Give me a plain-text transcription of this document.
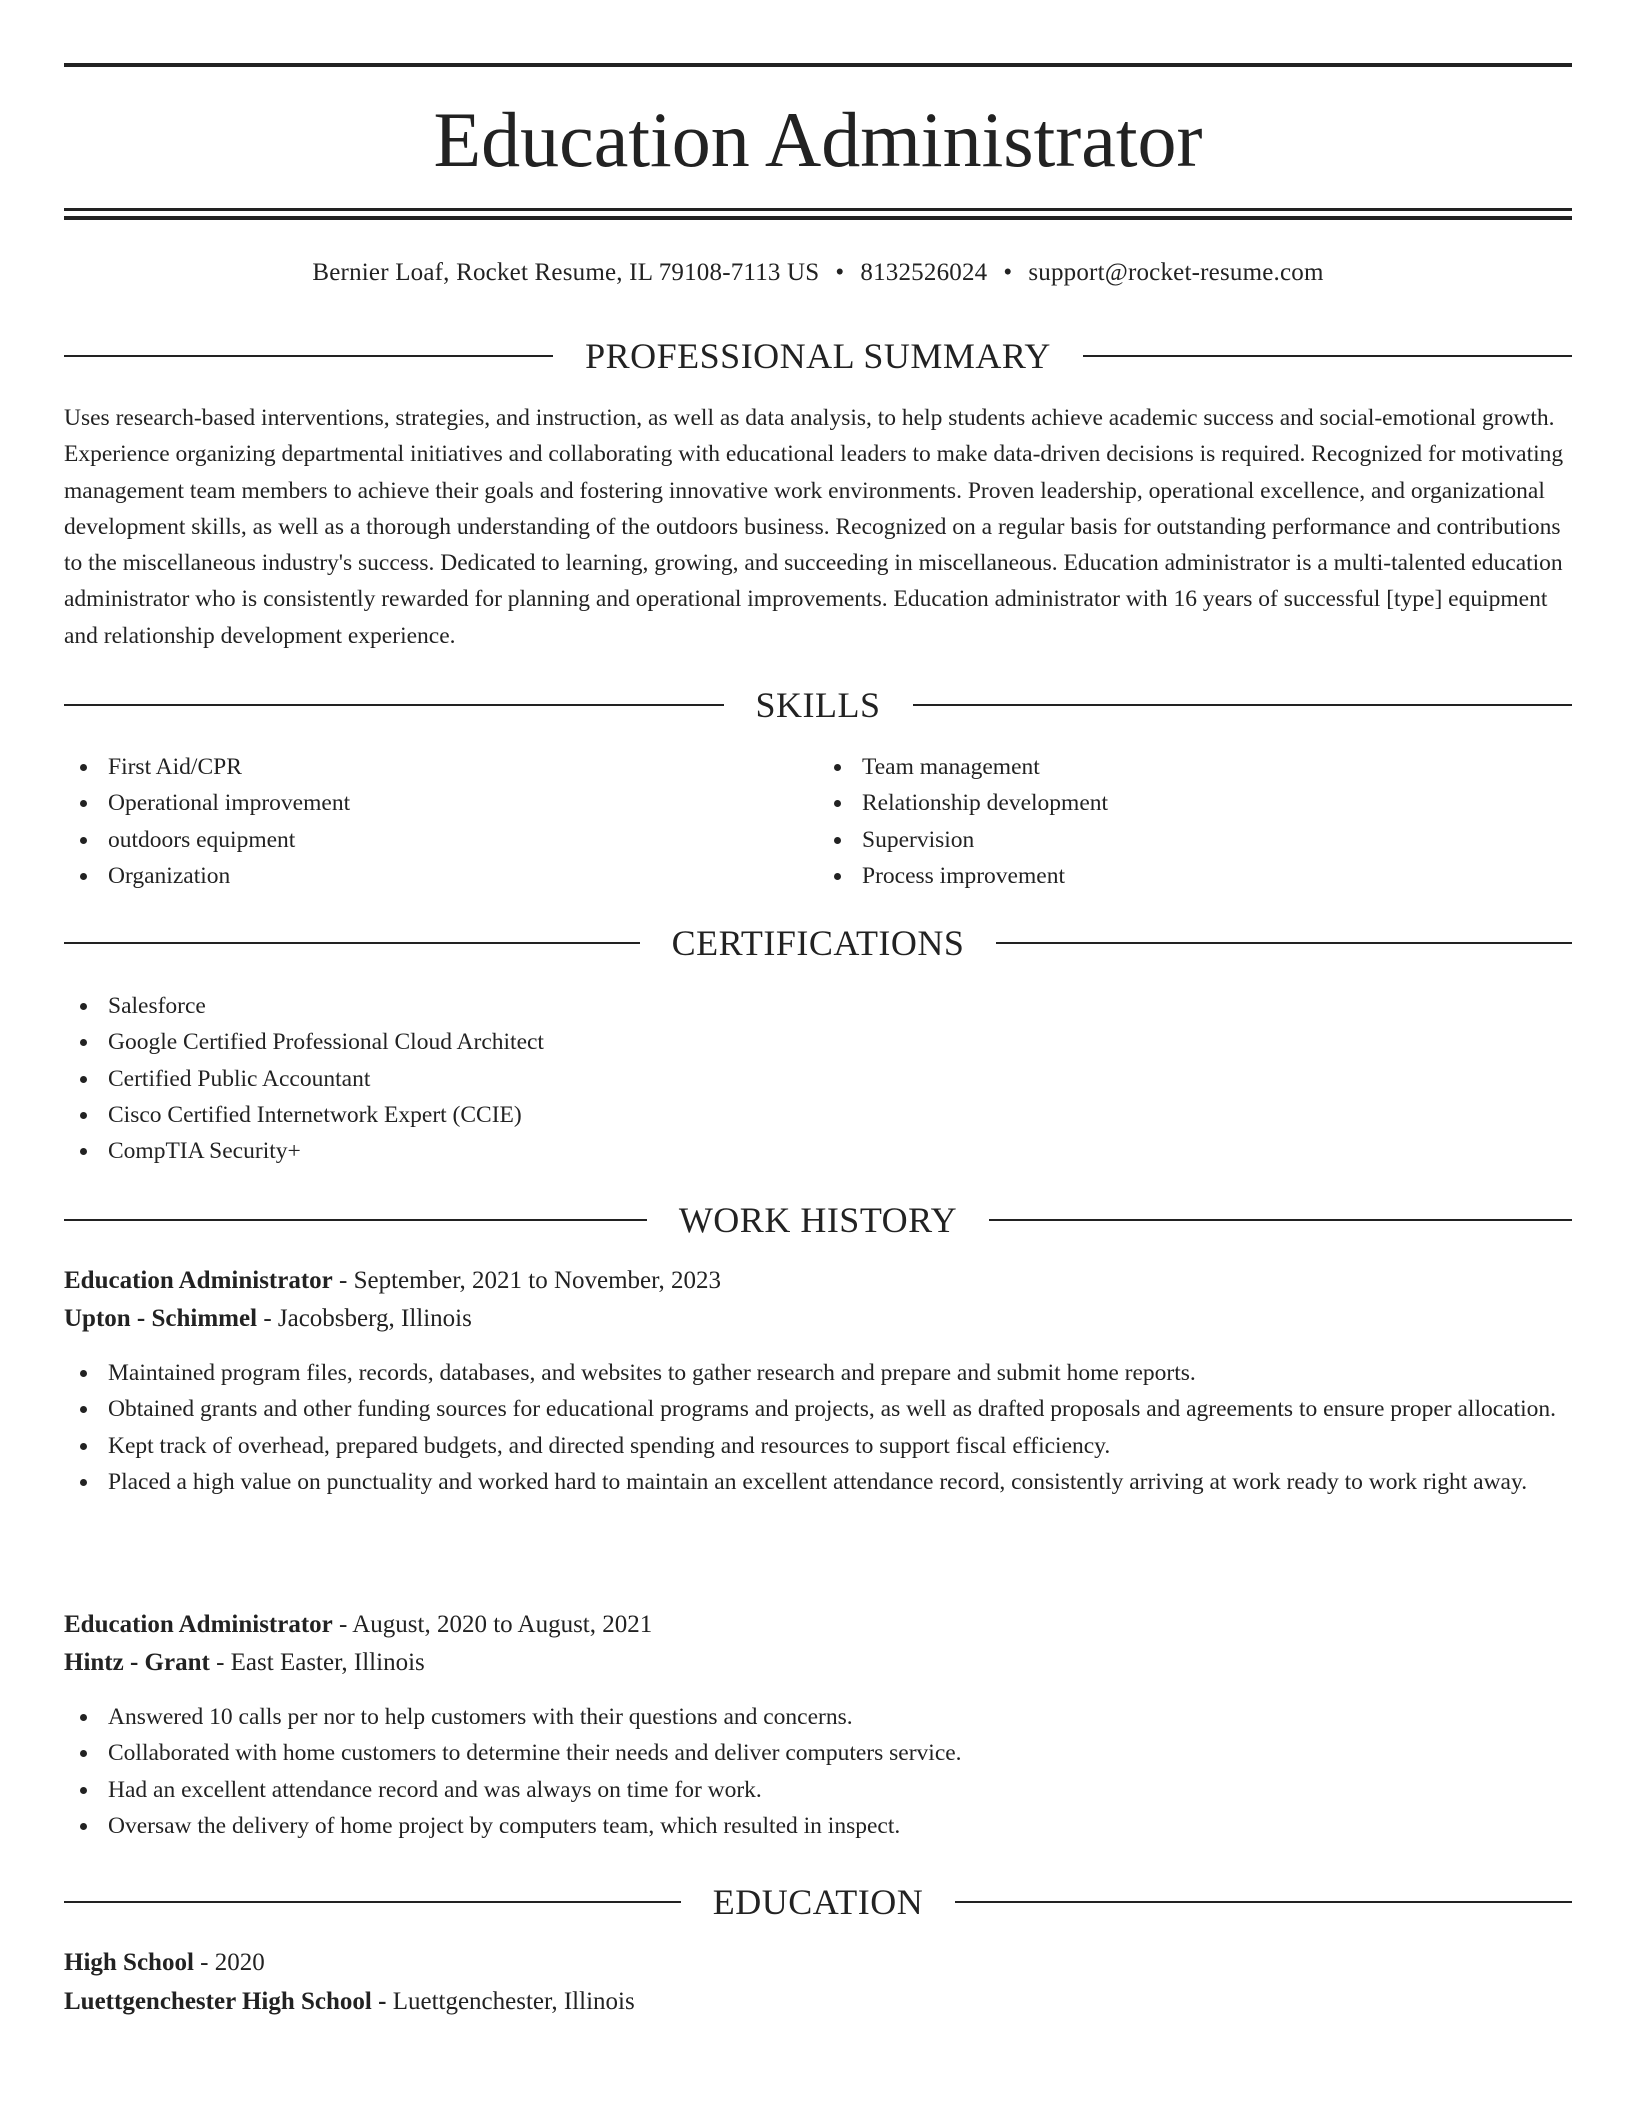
Education Administrator
Bernier Loaf, Rocket Resume, IL 79108-7113 US • 8132526024 • support@rocket-resume.com
PROFESSIONAL SUMMARY

Uses research-based interventions, strategies, and instruction, as well as data analysis, to help students achieve academic success and social-emotional growth. Experience organizing departmental initiatives and collaborating with educational leaders to make data-driven decisions is required. Recognized for motivating management team members to achieve their goals and fostering innovative work environments. Proven leadership, operational excellence, and organizational development skills, as well as a thorough understanding of the outdoors business. Recognized on a regular basis for outstanding performance and contributions to the miscellaneous industry's success. Dedicated to learning, growing, and succeeding in miscellaneous. Education administrator is a multi-talented education administrator who is consistently rewarded for planning and operational improvements. Education administrator with 16 years of successful [type] equipment and relationship development experience.

SKILLS
First Aid/CPR
Operational improvement
outdoors equipment
Organization
Team management
Relationship development
Supervision
Process improvement
CERTIFICATIONS
Salesforce
Google Certified Professional Cloud Architect
Certified Public Accountant
Cisco Certified Internetwork Expert (CCIE)
CompTIA Security+
WORK HISTORY
Education Administrator - September, 2021 to November, 2023
Upton - Schimmel - Jacobsberg, Illinois
Maintained program files, records, databases, and websites to gather research and prepare and submit home reports.
Obtained grants and other funding sources for educational programs and projects, as well as drafted proposals and agreements to ensure proper allocation.
Kept track of overhead, prepared budgets, and directed spending and resources to support fiscal efficiency.
Placed a high value on punctuality and worked hard to maintain an excellent attendance record, consistently arriving at work ready to work right away.
Education Administrator - August, 2020 to August, 2021
Hintz - Grant - East Easter, Illinois
Answered 10 calls per nor to help customers with their questions and concerns.
Collaborated with home customers to determine their needs and deliver computers service.
Had an excellent attendance record and was always on time for work.
Oversaw the delivery of home project by computers team, which resulted in inspect.
EDUCATION
High School - 2020
Luettgenchester High School - Luettgenchester, Illinois
